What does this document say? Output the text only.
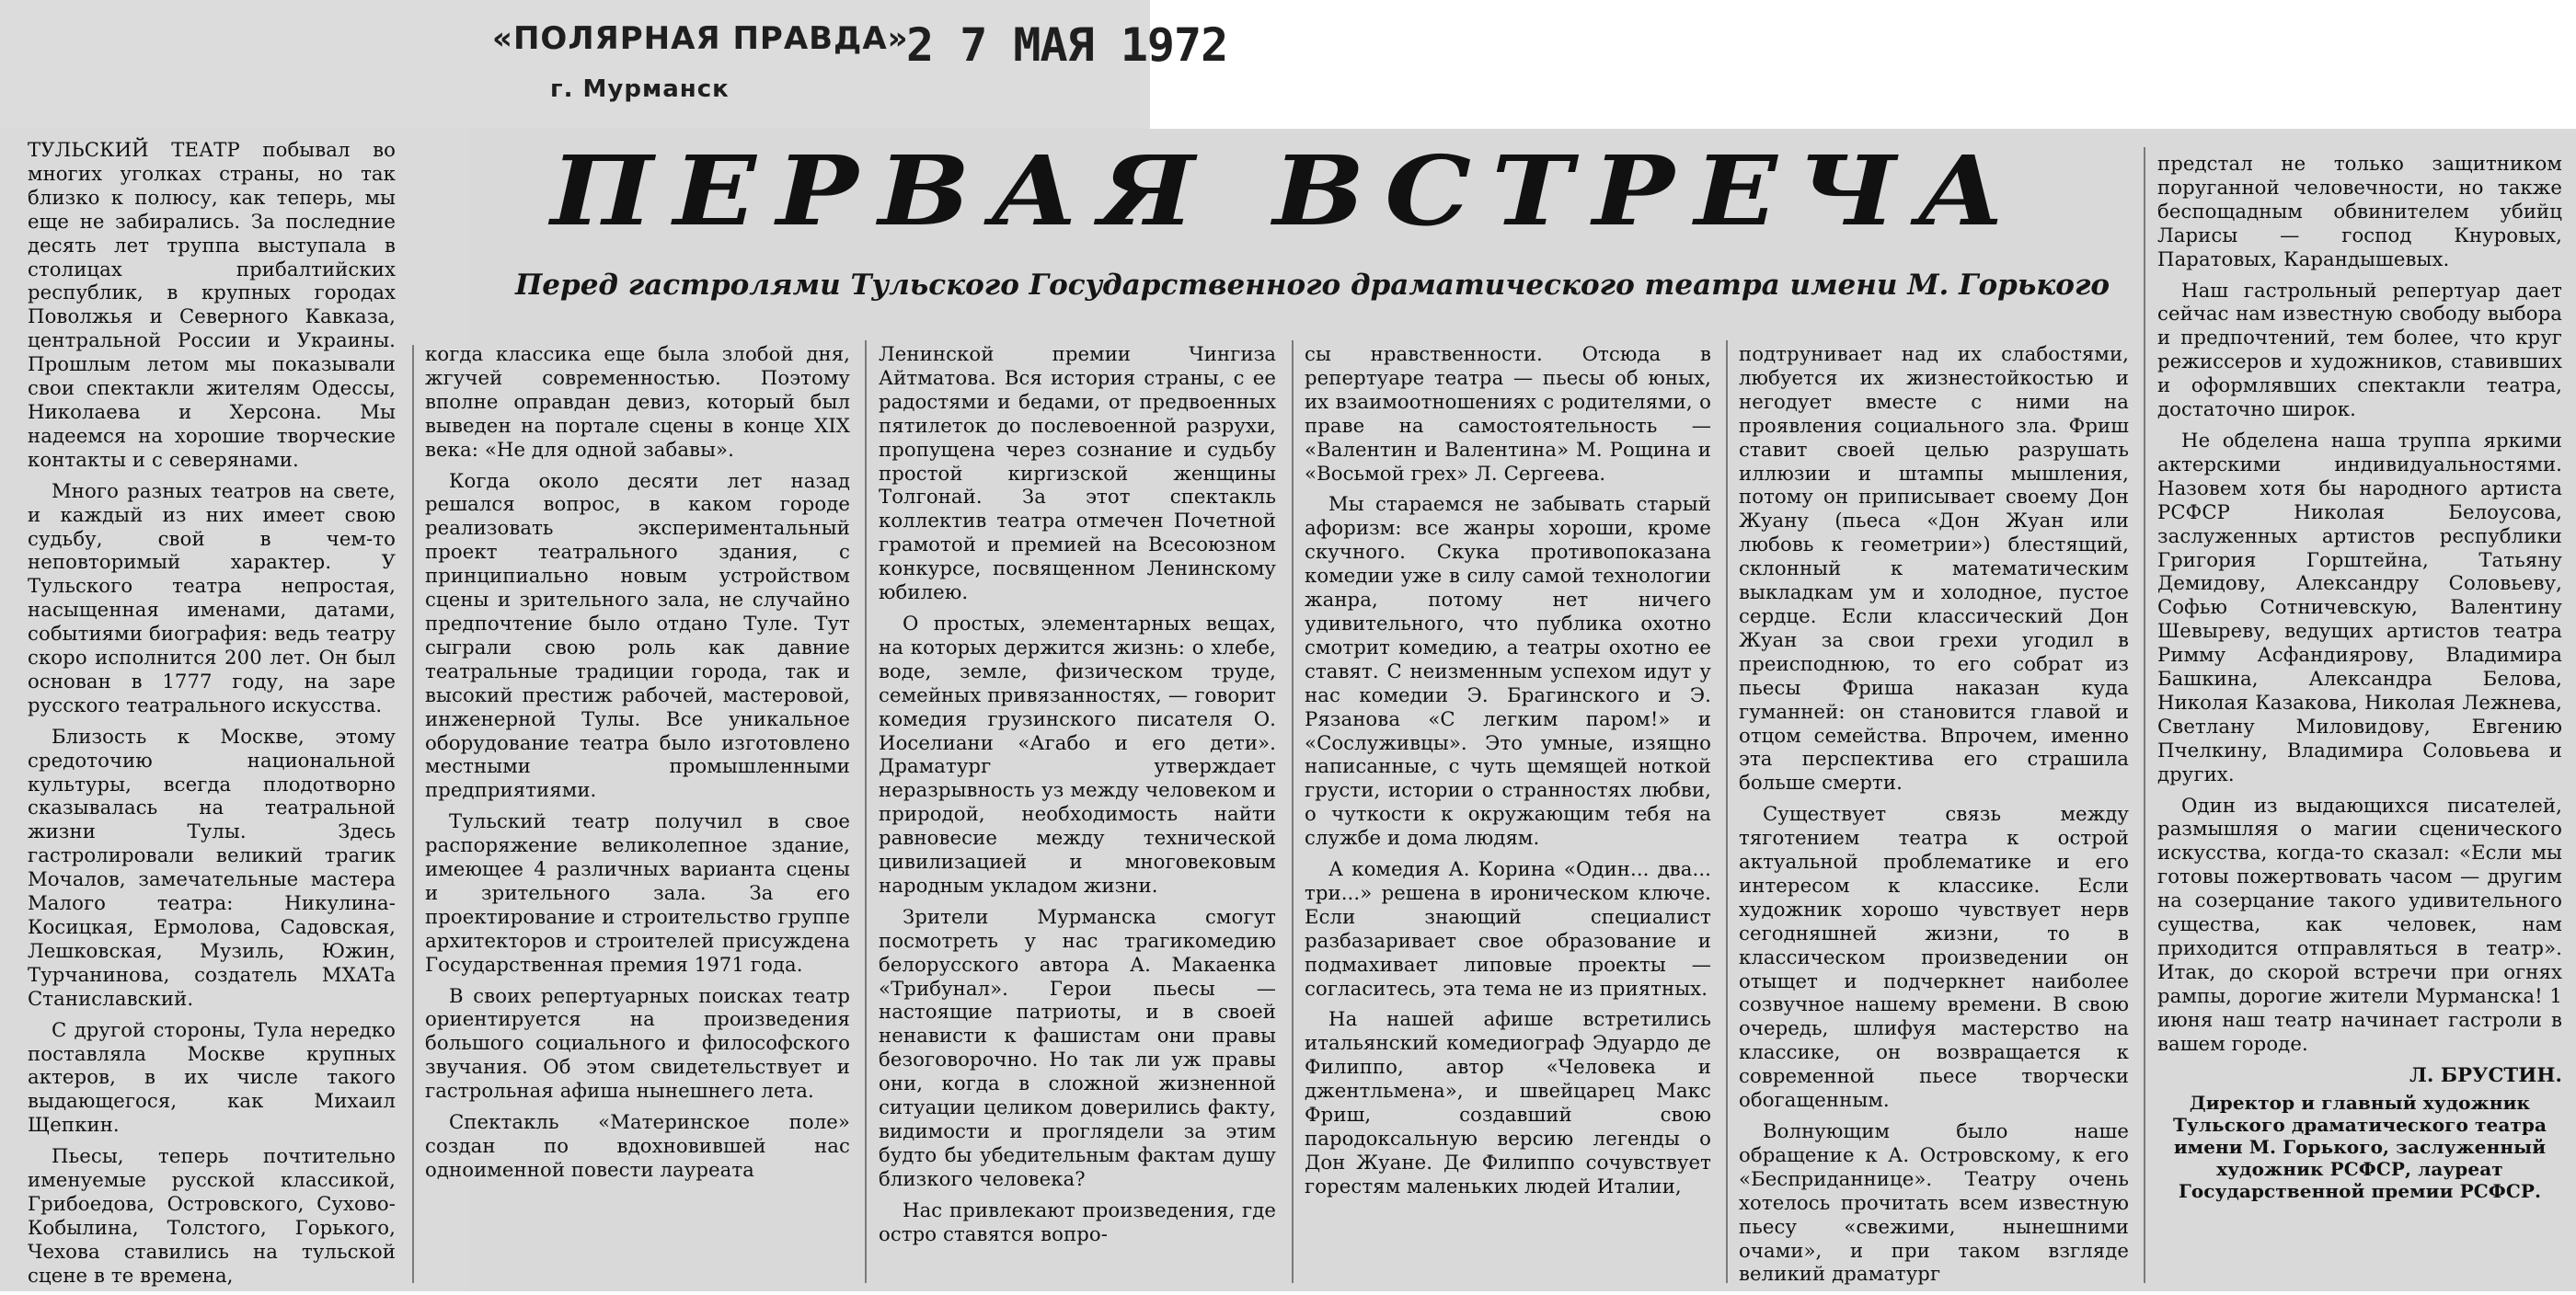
«ПОЛЯРНАЯ ПРАВДА»
г. Мурманск
2 7 МАЯ 1972
ПЕРВАЯ ВСТРЕЧА
Перед гастролями Тульского Государственного драматического театра имени М. Горького

ТУЛЬСКИЙ ТЕАТР побывал во многих уголках страны, но так близко к полюсу, как теперь, мы еще не забирались. За последние десять лет труппа выступала в столицах прибалтийских республик, в крупных городах Поволжья и Северного Кавказа, центральной России и Украины. Прошлым летом мы показывали свои спектакли жителям Одессы, Николаева и Херсона. Мы надеемся на хорошие творческие контакты и с северянами.

Много разных театров на свете, и каждый из них имеет свою судьбу, свой в чем-то неповторимый характер. У Тульского театра непростая, насыщенная именами, датами, событиями биография: ведь театру скоро исполнится 200 лет. Он был основан в 1777 году, на заре русского театрального искусства.

Близость к Москве, этому средоточию национальной культуры, всегда плодотворно сказывалась на театральной жизни Тулы. Здесь гастролировали великий трагик Мочалов, замечательные мастера Малого театра: Никулина-Косицкая, Ермолова, Садовская, Лешковская, Музиль, Южин, Турчаниновa, создатель МХАТа Станиславский.

С другой стороны, Тула нередко поставляла Москве крупных актеров, в их числе такого выдающегося, как Михаил Щепкин.

Пьесы, теперь почтительно именуемые русской классикой, Грибоедова, Островского, Сухово-Кобылина, Толстого, Горького, Чехова ставились на тульской сцене в те времена,

когда классика еще была злобой дня, жгучей современностью. Поэтому вполне оправдан девиз, который был выведен на портале сцены в конце XIX века: «Не для одной забавы».

Когда около десяти лет назад решался вопрос, в каком городе реализовать экспериментальный проект театрального здания, с принципиально новым устройством сцены и зрительного зала, не случайно предпочтение было отдано Туле. Тут сыграли свою роль как давние театральные традиции города, так и высокий престиж рабочей, мастеровой, инженерной Тулы. Все уникальное оборудование театра было изготовлено местными промышленными предприятиями.

Тульский театр получил в свое распоряжение великолепное здание, имеющее 4 различных варианта сцены и зрительного зала. За его проектирование и строительство группе архитекторов и строителей присуждена Государственная премия 1971 года.

В своих репертуарных поисках театр ориентируется на произведения большого социального и философского звучания. Об этом свидетельствует и гастрольная афиша нынешнего лета.

Спектакль «Материнское поле» создан по вдохновившей нас одноименной повести лауреата

Ленинской премии Чингиза Айтматова. Вся история страны, с ее радостями и бедами, от предвоенных пятилеток до послевоенной разрухи, пропущена через сознание и судьбу простой киргизской женщины Толгонай. За этот спектакль коллектив театра отмечен Почетной грамотой и премией на Всесоюзном конкурсе, посвященном Ленинскому юбилею.

О простых, элементарных вещах, на которых держится жизнь: о хлебе, воде, земле, физическом труде, семейных привязанностях, — говорит комедия грузинского писателя О. Иоселиани «Агабо и его дети». Драматург утверждает неразрывность уз между человеком и природой, необходимость найти равновесие между технической цивилизацией и многовековым народным укладом жизни.

Зрители Мурманска смогут посмотреть у нас трагикомедию белорусского автора А. Макаенка «Трибунал». Герои пьесы — настоящие патриоты, и в своей ненависти к фашистам они правы безоговорочно. Но так ли уж правы они, когда в сложной жизненной ситуации целиком доверились факту, видимости и проглядели за этим будто бы убедительным фактам душу близкого человека?

Нас привлекают произведения, где остро ставятся вопро-

сы нравственности. Отсюда в репертуаре театра — пьесы об юных, их взаимоотношениях с родителями, о праве на самостоятельность — «Валентин и Валентина» М. Рощина и «Восьмой грех» Л. Сергеева.

Мы стараемся не забывать старый афоризм: все жанры хороши, кроме скучного. Скука противопоказана комедии уже в силу самой технологии жанра, потому нет ничего удивительного, что публика охотно смотрит комедию, а театры охотно ее ставят. С неизменным успехом идут у нас комедии Э. Брагинского и Э. Рязанова «С легким паром!» и «Сослуживцы». Это умные, изящно написанные, с чуть щемящей ноткой грусти, истории о странностях любви, о чуткости к окружающим тебя на службе и дома людям.

А комедия А. Корина «Один... два... три...» решена в ироническом ключе. Если знающий специалист разбазаривает свое образование и подмахивает липовые проекты — согласитесь, эта тема не из приятных.

На нашей афише встретились итальянский комедиограф Эдуардо де Филиппо, автор «Человека и джентльмена», и швейцарец Макс Фриш, создавший свою пародоксальную версию легенды о Дон Жуане. Де Филиппо сочувствует горестям маленьких людей Италии,

подтрунивает над их слабостями, любуется их жизнестойкостью и негодует вместе с ними на проявления социального зла. Фриш ставит своей целью разрушать иллюзии и штампы мышления, потому он приписывает своему Дон Жуану (пьеса «Дон Жуан или любовь к геометрии») блестящий, склонный к математическим выкладкам ум и холодное, пустое сердце. Если классический Дон Жуан за свои грехи угодил в преисподнюю, то его собрат из пьесы Фриша наказан куда гуманней: он становится главой и отцом семейства. Впрочем, именно эта перспектива его страшила больше смерти.

Существует связь между тяготением театра к острой актуальной проблематике и его интересом к классике. Если художник хорошо чувствует нерв сегодняшней жизни, то в классическом произведении он отыщет и подчеркнет наиболее созвучное нашему времени. В свою очередь, шлифуя мастерство на классике, он возвращается к современной пьесе творчески обогащенным.

Волнующим было наше обращение к А. Островскому, к его «Бесприданнице». Театру очень хотелось прочитать всем известную пьесу «свежими, нынешними очами», и при таком взгляде великий драматург

предстал не только защитником поруганной человечности, но также беспощадным обвинителем убийц Ларисы — господ Кнуровых, Паратовых, Карандышевых.

Наш гастрольный репертуар дает сейчас нам известную свободу выбора и предпочтений, тем более, что круг режиссеров и художников, ставивших и оформлявших спектакли театра, достаточно широк.

Не обделена наша труппа яркими актерскими индивидуальностями. Назовем хотя бы народного артиста РСФСР Николая Белоусова, заслуженных артистов республики Григория Горштейна, Татьяну Демидову, Александру Соловьеву, Софью Сотничевскую, Валентину Шевыреву, ведущих артистов театра Римму Асфандиярову, Владимира Башкина, Александра Белова, Николая Казакова, Николая Лежнева, Светлану Миловидову, Евгению Пчелкину, Владимира Соловьева и других.

Один из выдающихся писателей, размышляя о магии сценического искусства, когда-то сказал: «Если мы готовы пожертвовать часом — другим на созерцание такого удивительного существа, как человек, нам приходится отправляться в театр». Итак, до скорой встречи при огнях рампы, дорогие жители Мурманска! 1 июня наш театр начинает гастроли в вашем городе.

Л. БРУСТИН.
Директор и главный художник Тульского драматического театра имени М. Горького, заслуженный художник РСФСР, лауреат Государственной премии РСФСР.
